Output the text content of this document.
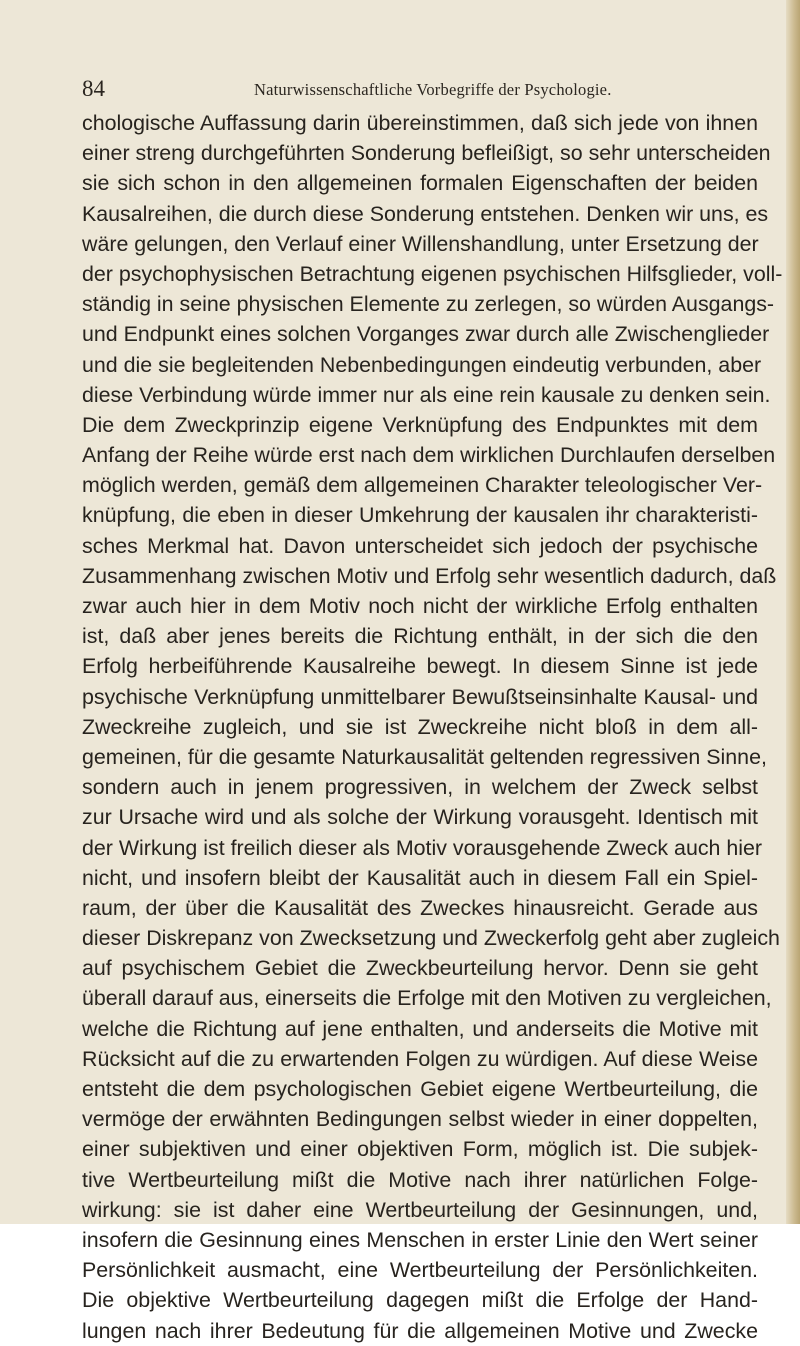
84	Naturwissenschaftliche Vorbegriffe der Psychologie.
chologische Auffassung darin übereinstimmen, daß sich jede von ihnen
einer streng durchgeführten Sonderung befleißigt, so sehr unterscheiden
sie sich schon in den allgemeinen formalen Eigenschaften der beiden
Kausalreihen, die durch diese Sonderung entstehen. Denken wir uns, es
wäre gelungen, den Verlauf einer Willenshandlung, unter Ersetzung der
der psychophysischen Betrachtung eigenen psychischen Hilfsglieder, voll-
ständig in seine physischen Elemente zu zerlegen, so würden Ausgangs-
und Endpunkt eines solchen Vorganges zwar durch alle Zwischenglieder
und die sie begleitenden Nebenbedingungen eindeutig verbunden, aber
diese Verbindung würde immer nur als eine rein kausale zu denken sein.
Die dem Zweckprinzip eigene Verknüpfung des Endpunktes mit dem
Anfang der Reihe würde erst nach dem wirklichen Durchlaufen derselben
möglich werden, gemäß dem allgemeinen Charakter teleologischer Ver-
knüpfung, die eben in dieser Umkehrung der kausalen ihr charakteristi-
sches Merkmal hat. Davon unterscheidet sich jedoch der psychische
Zusammenhang zwischen Motiv und Erfolg sehr wesentlich dadurch, daß
zwar auch hier in dem Motiv noch nicht der wirkliche Erfolg enthalten
ist, daß aber jenes bereits die Richtung enthält, in der sich die den
Erfolg herbeiführende Kausalreihe bewegt. In diesem Sinne ist jede
psychische Verknüpfung unmittelbarer Bewußtseinsinhalte Kausal- und
Zweckreihe zugleich, und sie ist Zweckreihe nicht bloß in dem all-
gemeinen, für die gesamte Naturkausalität geltenden regressiven Sinne,
sondern auch in jenem progressiven, in welchem der Zweck selbst
zur Ursache wird und als solche der Wirkung vorausgeht. Identisch mit
der Wirkung ist freilich dieser als Motiv vorausgehende Zweck auch hier
nicht, und insofern bleibt der Kausalität auch in diesem Fall ein Spiel-
raum, der über die Kausalität des Zweckes hinausreicht. Gerade aus
dieser Diskrepanz von Zwecksetzung und Zweckerfolg geht aber zugleich
auf psychischem Gebiet die Zweckbeurteilung hervor. Denn sie geht
überall darauf aus, einerseits die Erfolge mit den Motiven zu vergleichen,
welche die Richtung auf jene enthalten, und anderseits die Motive mit
Rücksicht auf die zu erwartenden Folgen zu würdigen. Auf diese Weise
entsteht die dem psychologischen Gebiet eigene Wertbeurteilung, die
vermöge der erwähnten Bedingungen selbst wieder in einer doppelten,
einer subjektiven und einer objektiven Form, möglich ist. Die subjek-
tive Wertbeurteilung mißt die Motive nach ihrer natürlichen Folge-
wirkung: sie ist daher eine Wertbeurteilung der Gesinnungen, und,
insofern die Gesinnung eines Menschen in erster Linie den Wert seiner
Persönlichkeit ausmacht, eine Wertbeurteilung der Persönlichkeiten.
Die objektive Wertbeurteilung dagegen mißt die Erfolge der Hand-
lungen nach ihrer Bedeutung für die allgemeinen Motive und Zwecke
